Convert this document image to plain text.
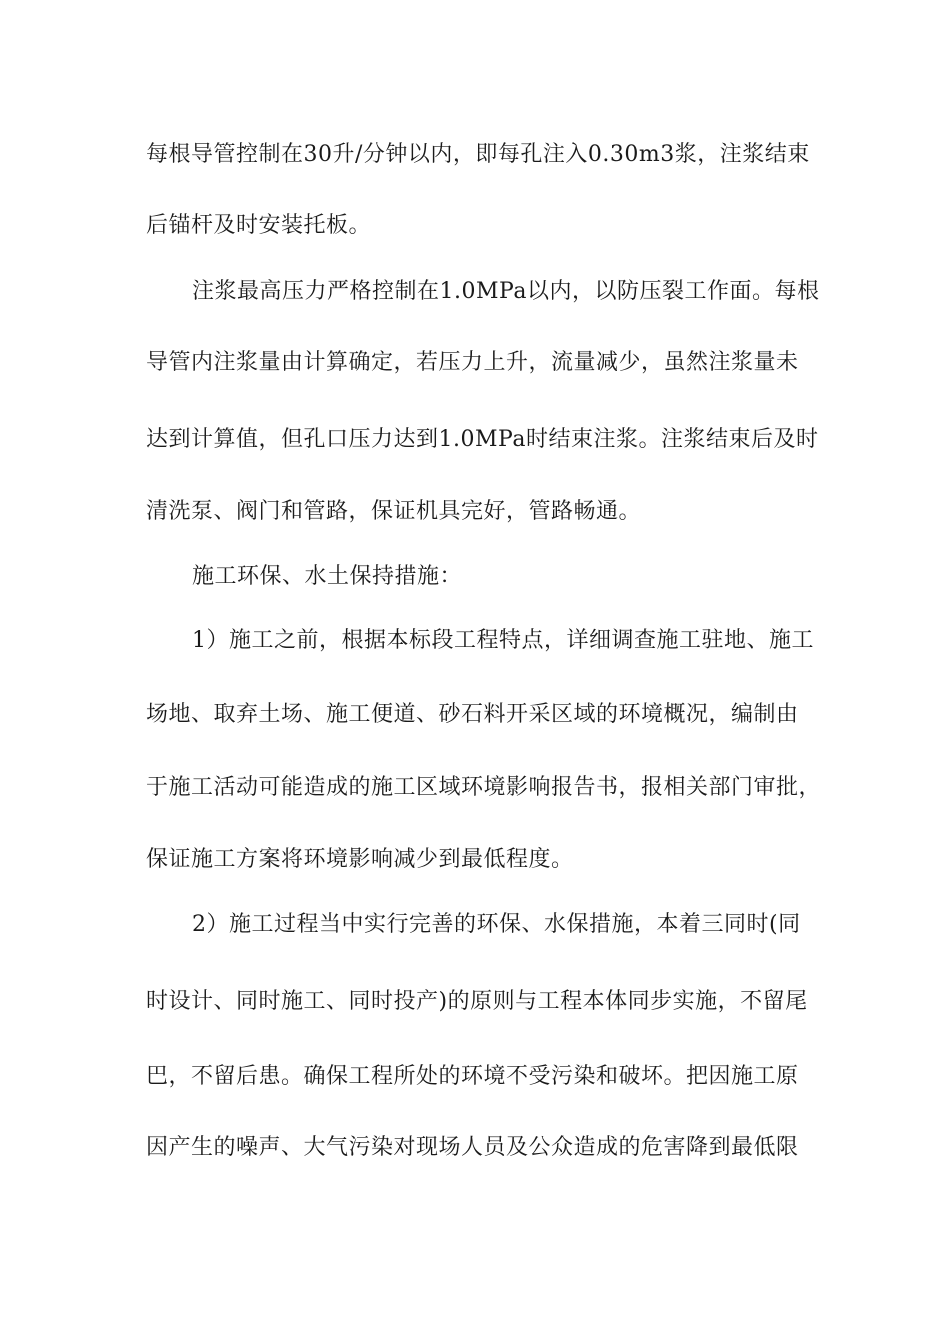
每根导管控制在30升/分钟以内，即每孔注入0.30m3浆，注浆结束
后锚杆及时安装托板。
注浆最高压力严格控制在1.0MPa以内，以防压裂工作面。每根
导管内注浆量由计算确定，若压力上升，流量减少，虽然注浆量未
达到计算值，但孔口压力达到1.0MPa时结束注浆。注浆结束后及时
清洗泵、阀门和管路，保证机具完好，管路畅通。
施工环保、水土保持措施：
1）施工之前，根据本标段工程特点，详细调查施工驻地、施工
场地、取弃土场、施工便道、砂石料开采区域的环境概况，编制由
于施工活动可能造成的施工区域环境影响报告书，报相关部门审批，
保证施工方案将环境影响减少到最低程度。
2）施工过程当中实行完善的环保、水保措施，本着三同时(同
时设计、同时施工、同时投产)的原则与工程本体同步实施，不留尾
巴，不留后患。确保工程所处的环境不受污染和破坏。把因施工原
因产生的噪声、大气污染对现场人员及公众造成的危害降到最低限
